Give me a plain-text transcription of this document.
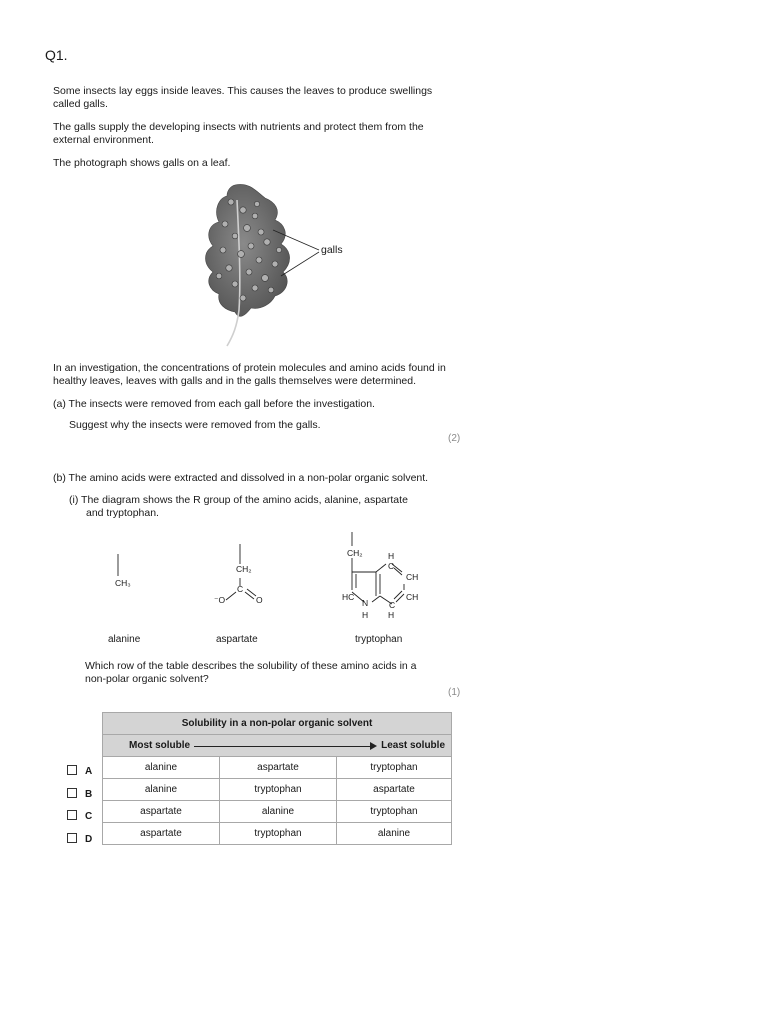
Q1.
Some insects lay eggs inside leaves. This causes the leaves to produce swellings
called galls.
The galls supply the developing insects with nutrients and protect them from the
external environment.
The photograph shows galls on a leaf.
galls
In an investigation, the concentrations of protein molecules and amino acids found in
healthy leaves, leaves with galls and in the galls themselves were determined.
(a) The insects were removed from each gall before the investigation.
Suggest why the insects were removed from the galls.
(2)
(b) The amino acids were extracted and dissolved in a non-polar organic solvent.
(i) The diagram shows the R group of the amino acids, alanine, aspartate
and tryptophan.
CH₃
alanine
CH₂
C
⁻O	O
aspartate
CH₂	H
C
CH
CH
HC
N C
H H
tryptophan
Which row of the table describes the solubility of these amino acids in a
non-polar organic solvent?
(1)
Solubility in a non-polar organic solvent		

Most soluble Least soluble		

alanine	aspartate	tryptophan
alanine	tryptophan	aspartate
aspartate	alanine	tryptophan
aspartate	tryptophan	alanine
A
B
C
D
